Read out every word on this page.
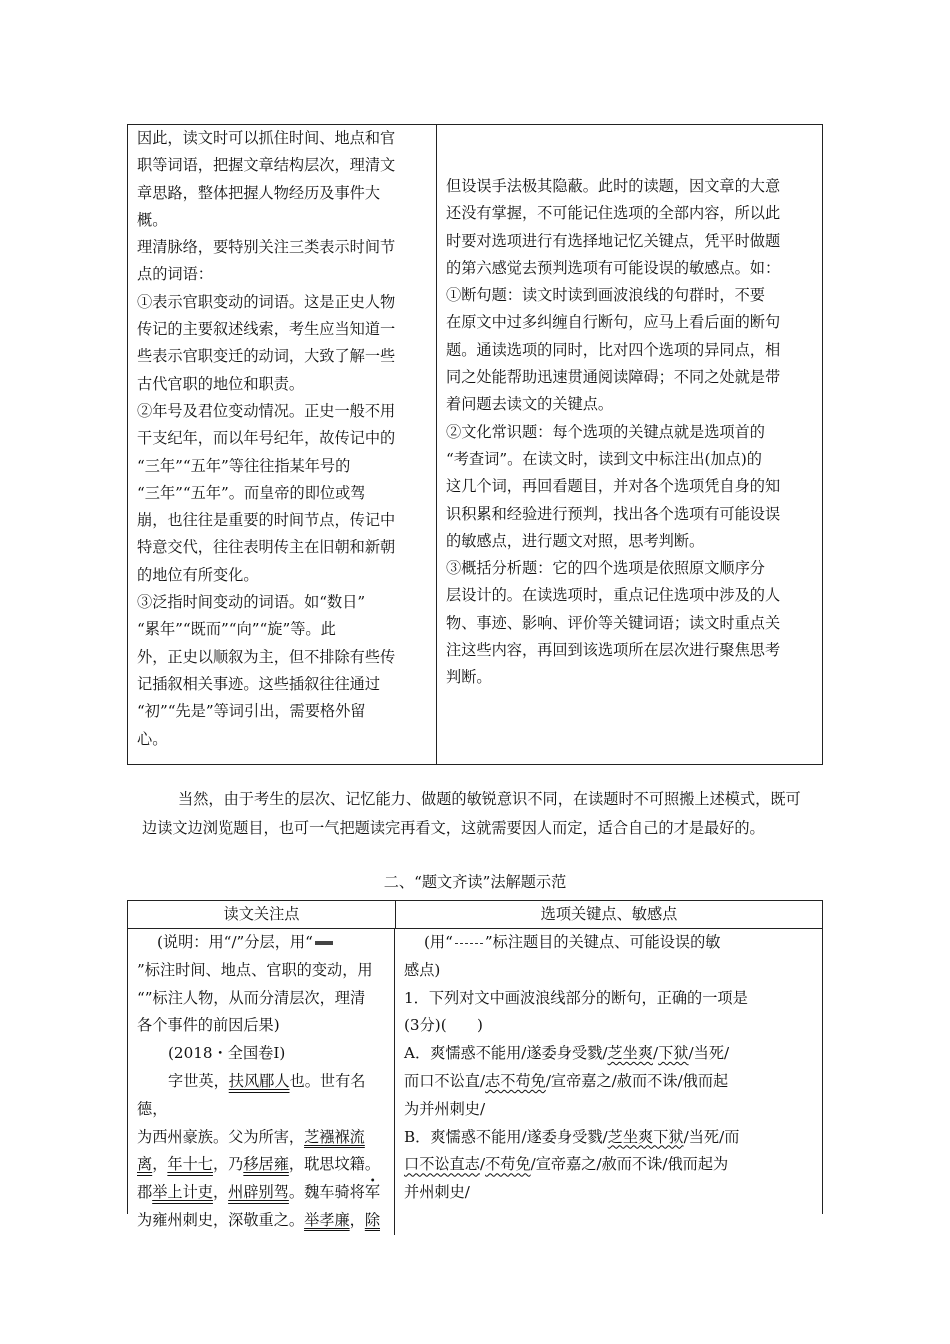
因此，读文时可以抓住时间、地点和官

职等词语，把握文章结构层次，理清文

章思路，整体把握人物经历及事件大

概。

理清脉络，要特别关注三类表示时间节

点的词语：

①表示官职变动的词语。这是正史人物

传记的主要叙述线索，考生应当知道一

些表示官职变迁的动词，大致了解一些

古代官职的地位和职责。

②年号及君位变动情况。正史一般不用

干支纪年，而以年号纪年，故传记中的

“三年”“五年”等往往指某年号的

“三年”“五年”。而皇帝的即位或驾

崩，也往往是重要的时间节点，传记中

特意交代，往往表明传主在旧朝和新朝

的地位有所变化。

③泛指时间变动的词语。如“数日”

“累年”“既而”“向”“旋”等。此

外，正史以顺叙为主，但不排除有些传

记插叙相关事迹。这些插叙往往通过

“初”“先是”等词引出，需要格外留

心。

但设误手法极其隐蔽。此时的读题，因文章的大意

还没有掌握，不可能记住选项的全部内容，所以此

时要对选项进行有选择地记忆关键点，凭平时做题

的第六感觉去预判选项有可能设误的敏感点。如：

①断句题：读文时读到画波浪线的句群时，不要

在原文中过多纠缠自行断句，应马上看后面的断句

题。通读选项的同时，比对四个选项的异同点，相

同之处能帮助迅速贯通阅读障碍；不同之处就是带

着问题去读文的关键点。

②文化常识题：每个选项的关键点就是选项首的

“考查词”。在读文时，读到文中标注出(加点)的

这几个词，再回看题目，并对各个选项凭自身的知

识积累和经验进行预判，找出各个选项有可能设误

的敏感点，进行题文对照，思考判断。

③概括分析题：它的四个选项是依照原文顺序分

层设计的。在读选项时，重点记住选项中涉及的人

物、事迹、影响、评价等关键词语；读文时重点关

注这些内容，再回到该选项所在层次进行聚焦思考

判断。

当然，由于考生的层次、记忆能力、做题的敏锐意识不同，在读题时不可照搬上述模式，既可边读文边浏览题目，也可一气把题读完再看文，这就需要因人而定，适合自己的才是最好的。

二、“题文齐读”法解题示范
读文关注点	选项关键点、敏感点

(说明：用“/”分层，用“

”标注时间、地点、官职的变动，用

“”标注人物，从而分清层次，理清

各个事件的前因后果)

(2018・全国卷Ⅰ)

字世英，扶风郿人也。世有名德，
为西州豪族。父为所害，芝襁褓流
离，年十七，乃移居雍，耽思坟籍。
郡举上计吏，州辟别驾。魏车骑将军
为雍州刺史，深敬重之。举孝廉，除

(用“ ”标注题目的关键点、可能设误的敏

感点)

1．下列对文中画波浪线部分的断句，正确的一项是

(3分)(　　)

A．爽懦惑不能用/遂委身受戮/芝坐爽/下狱/当死/
而口不讼直/志不苟免/宣帝嘉之/赦而不诛/俄而起
为并州刺史/

B．爽懦惑不能用/遂委身受戮/芝坐爽下狱/当死/而
口不讼直志/不苟免/宣帝嘉之/赦而不诛/俄而起为
并州刺史/
